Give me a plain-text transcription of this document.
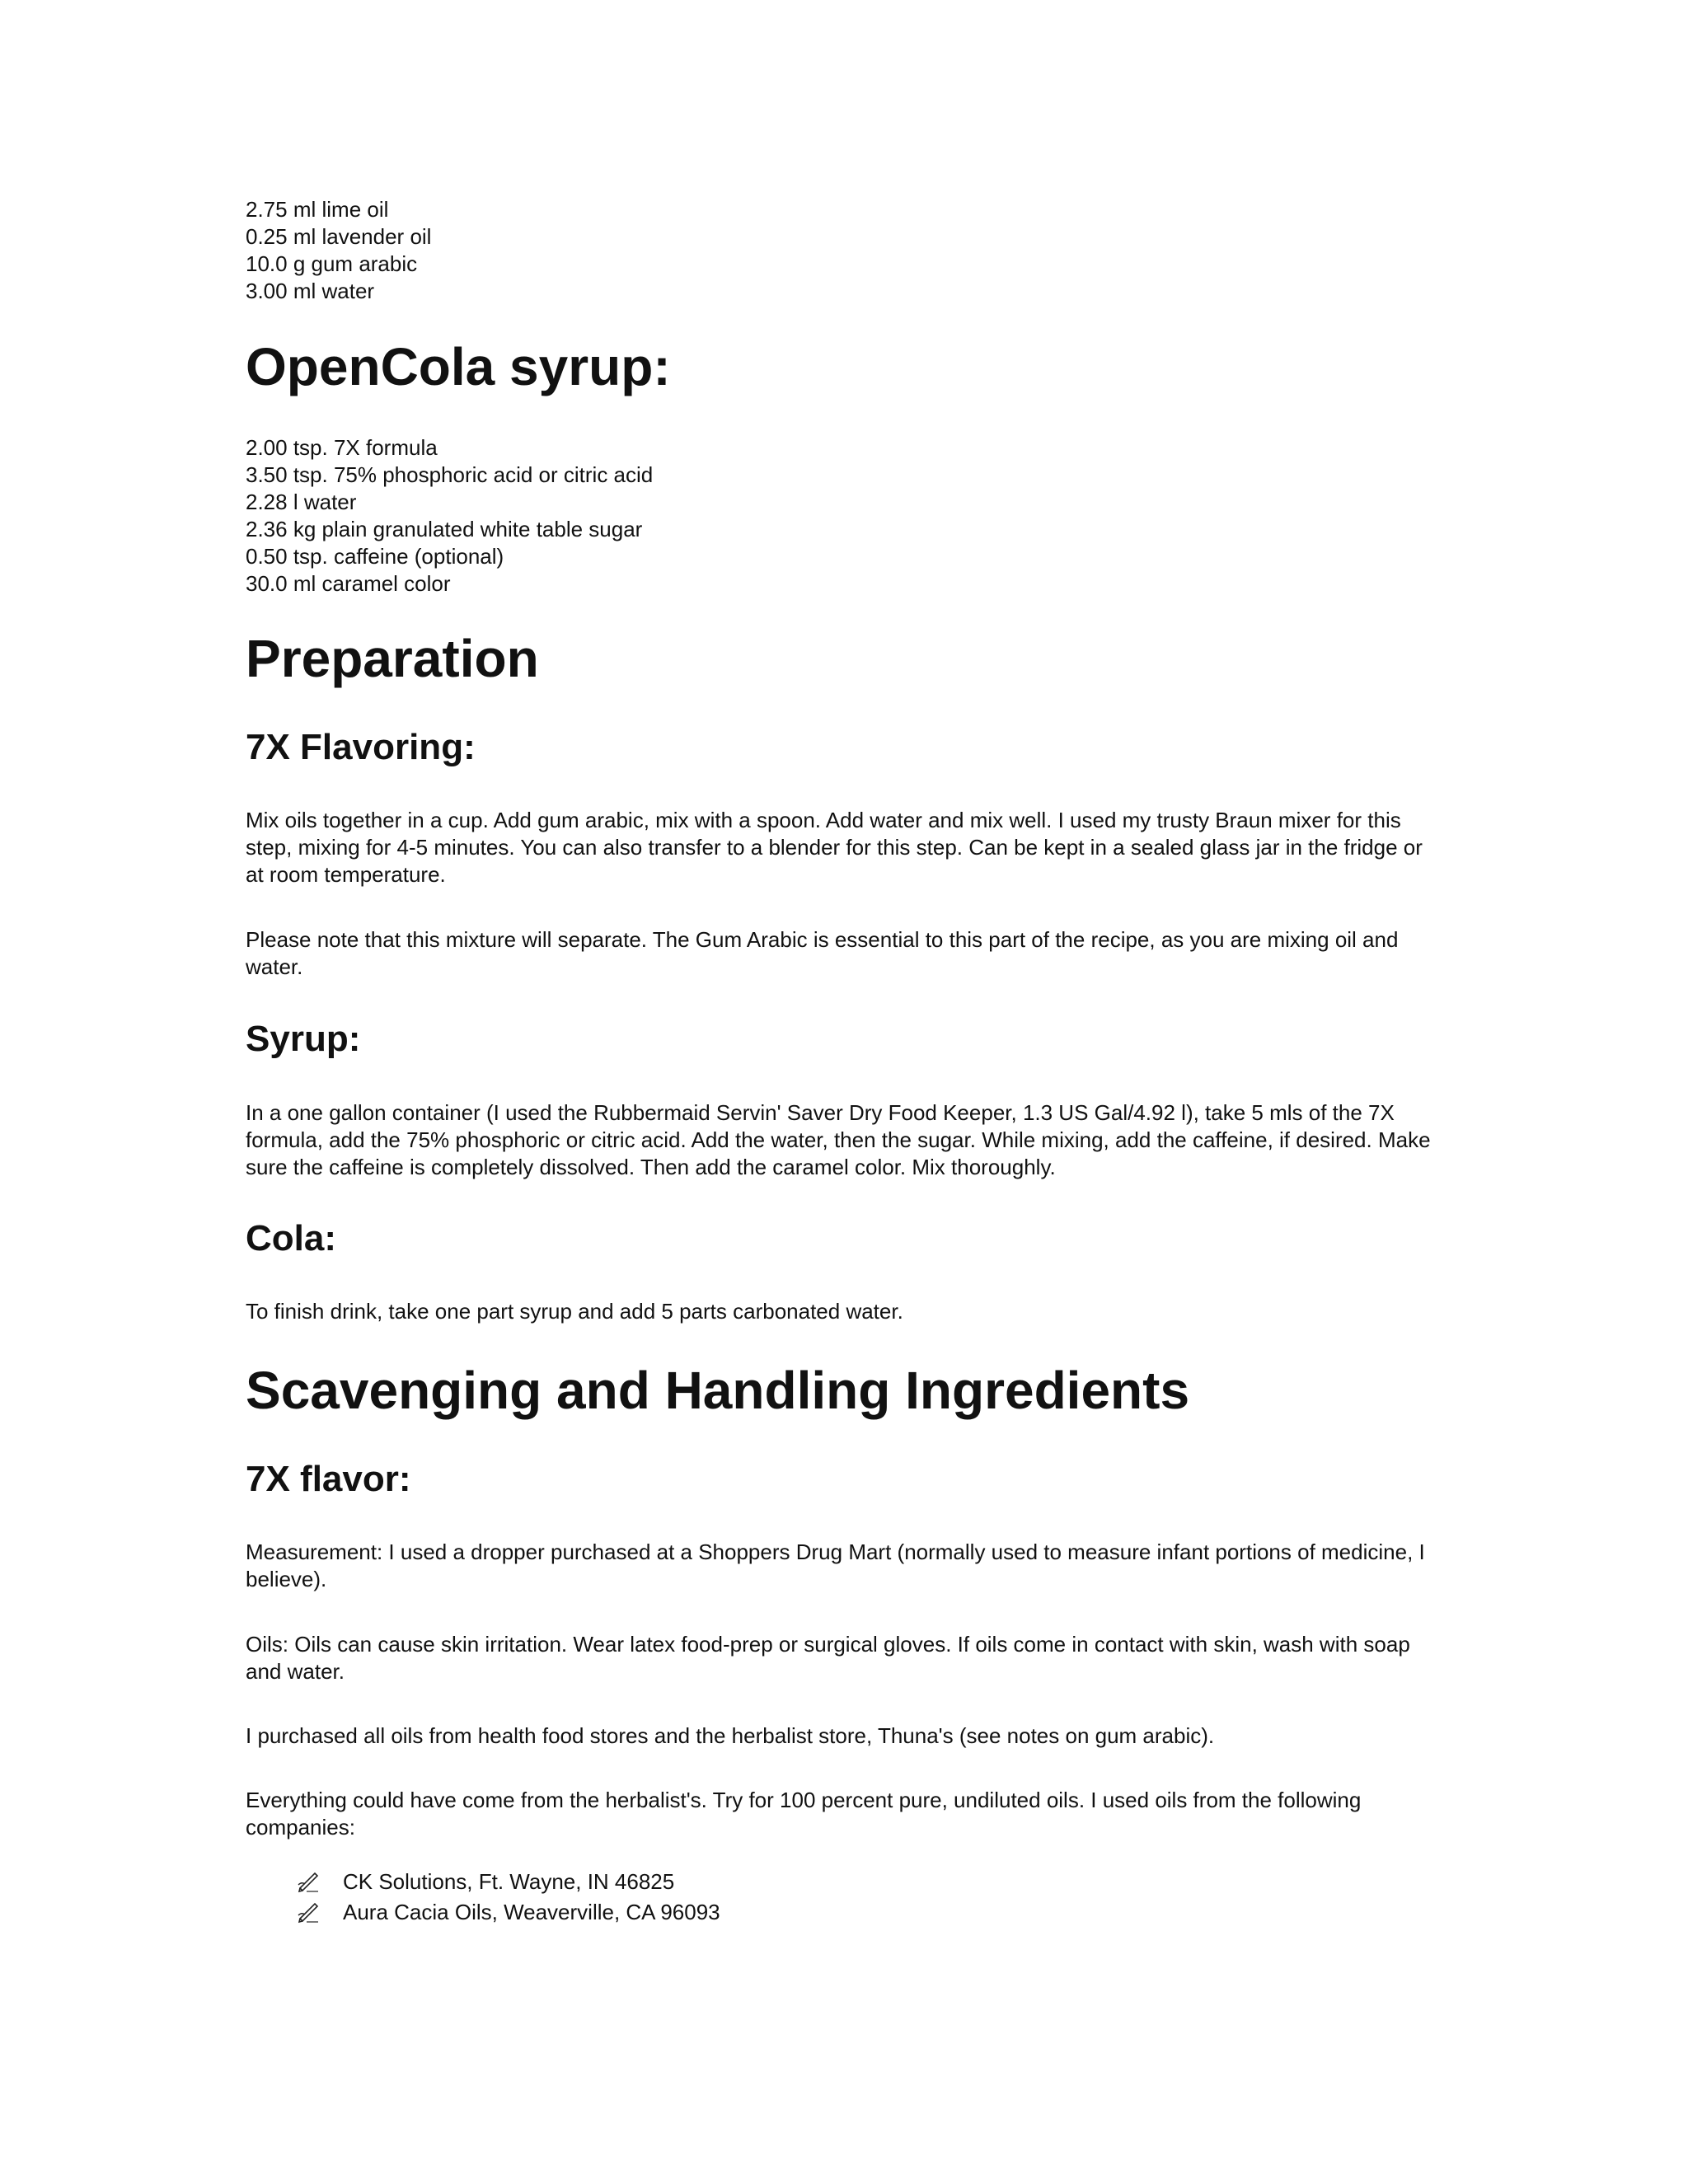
2.75 ml lime oil
0.25 ml lavender oil
10.0 g gum arabic
3.00 ml water
OpenCola syrup:
2.00 tsp. 7X formula
3.50 tsp. 75% phosphoric acid or citric acid
2.28 l water
2.36 kg plain granulated white table sugar
0.50 tsp. caffeine (optional)
30.0 ml caramel color
Preparation
7X Flavoring:

Mix oils together in a cup. Add gum arabic, mix with a spoon. Add water and mix well. I used my trusty Braun mixer for this step, mixing for 4-5 minutes. You can also transfer to a blender for this step. Can be kept in a sealed glass jar in the fridge or at room temperature.

Please note that this mixture will separate. The Gum Arabic is essential to this part of the recipe, as you are mixing oil and water.

Syrup:

In a one gallon container (I used the Rubbermaid Servin' Saver Dry Food Keeper, 1.3 US Gal/4.92 l), take 5 mls of the 7X formula, add the 75% phosphoric or citric acid. Add the water, then the sugar. While mixing, add the caffeine, if desired. Make sure the caffeine is completely dissolved. Then add the caramel color. Mix thoroughly.

Cola:

To finish drink, take one part syrup and add 5 parts carbonated water.

Scavenging and Handling Ingredients
7X flavor:

Measurement: I used a dropper purchased at a Shoppers Drug Mart (normally used to measure infant portions of medicine, I believe).

Oils: Oils can cause skin irritation. Wear latex food-prep or surgical gloves. If oils come in contact with skin, wash with soap and water.

I purchased all oils from health food stores and the herbalist store, Thuna's (see notes on gum arabic).

Everything could have come from the herbalist's. Try for 100 percent pure, undiluted oils. I used oils from the following companies:

CK Solutions, Ft. Wayne, IN 46825
Aura Cacia Oils, Weaverville, CA 96093
